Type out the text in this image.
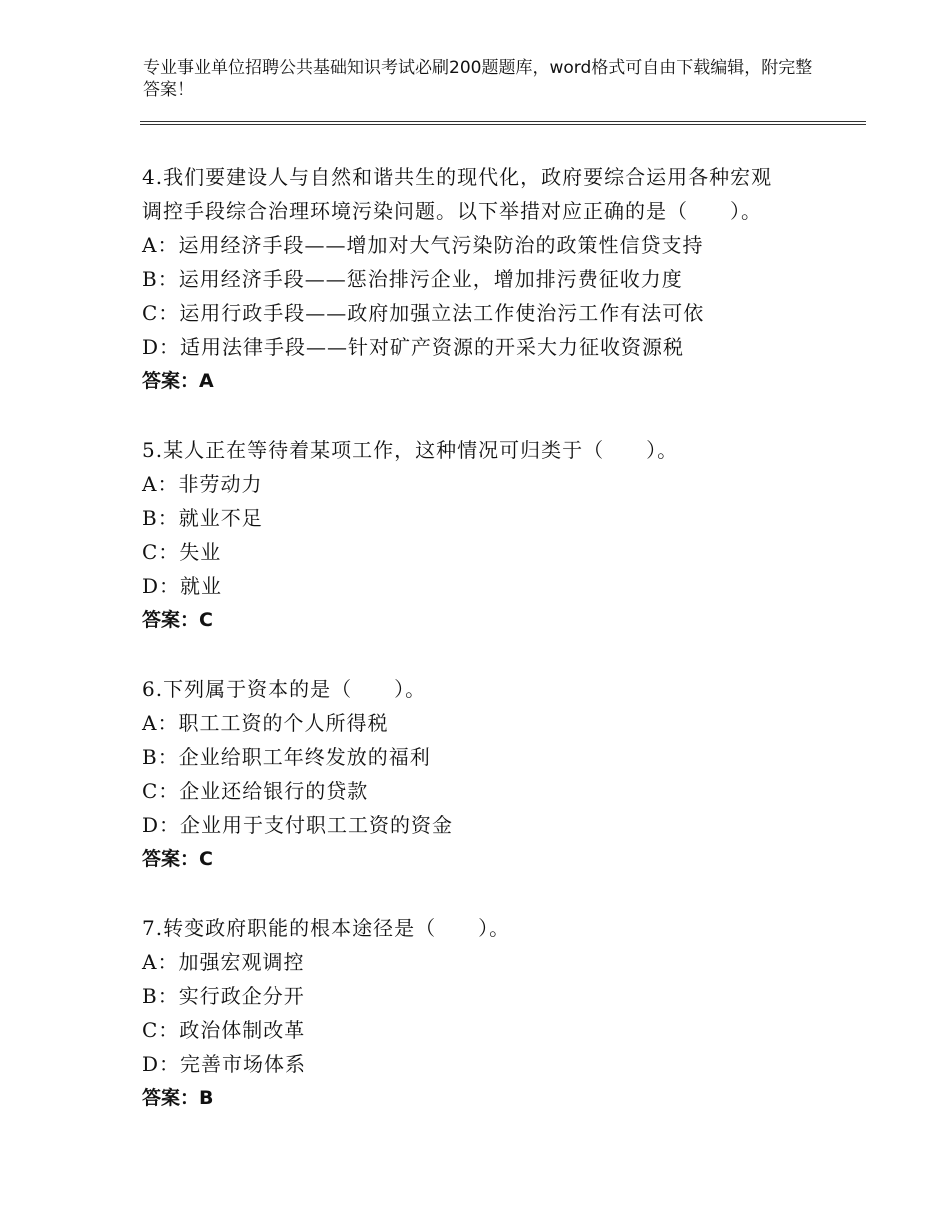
专业事业单位招聘公共基础知识考试必刷200题题库，word格式可自由下载编辑，附完整答案！

4.我们要建设人与自然和谐共生的现代化，政府要综合运用各种宏观

调控手段综合治理环境污染问题。以下举措对应正确的是（　　）。

A：运用经济手段——增加对大气污染防治的政策性信贷支持

B：运用经济手段——惩治排污企业，增加排污费征收力度

C：运用行政手段——政府加强立法工作使治污工作有法可依

D：适用法律手段——针对矿产资源的开采大力征收资源税

答案：A

5.某人正在等待着某项工作，这种情况可归类于（　　）。

A：非劳动力

B：就业不足

C：失业

D：就业

答案：C

6.下列属于资本的是（　　）。

A：职工工资的个人所得税

B：企业给职工年终发放的福利

C：企业还给银行的贷款

D：企业用于支付职工工资的资金

答案：C

7.转变政府职能的根本途径是（　　）。

A：加强宏观调控

B：实行政企分开

C：政治体制改革

D：完善市场体系

答案：B
